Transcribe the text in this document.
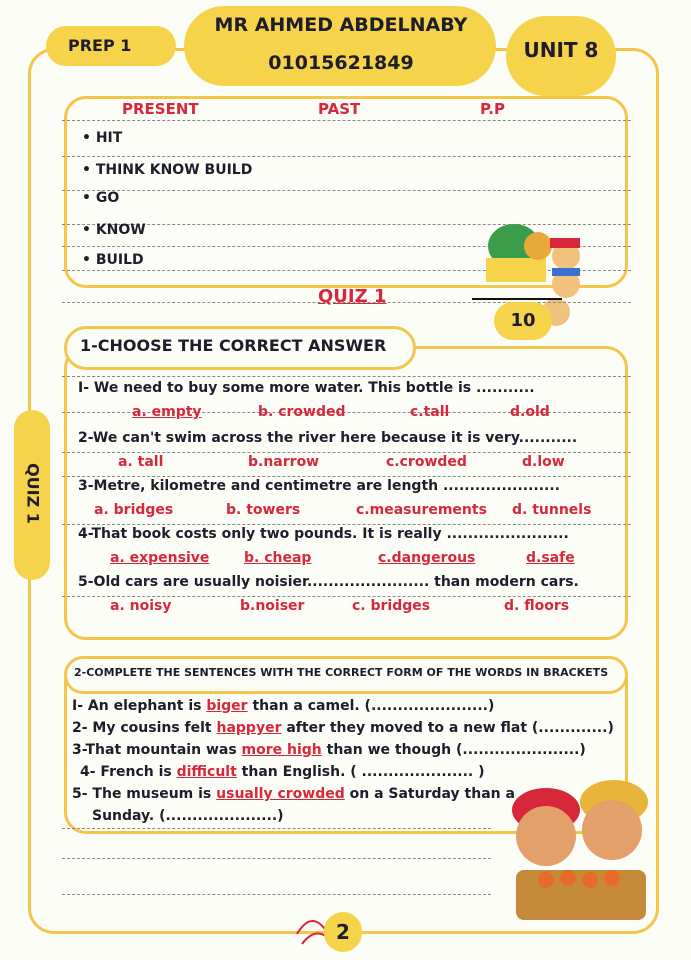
PREP 1
MR AHMED ABDELNABY
01015621849
UNIT 8
PRESENT	PAST	P.P
• HIT
• THINK KNOW BUILD
• GO
• KNOW
• BUILD
QUIZ 1
10
QUIZ 1
1-CHOOSE THE CORRECT ANSWER
I- We need to buy some more water. This bottle is ...........
a. empty	b. crowded	c.tall	d.old
2-We can't swim across the river here because it is very...........
a. tall	b.narrow	c.crowded	d.low
3-Metre, kilometre and centimetre are length ......................
a. bridges	b. towers	c.measurements d. tunnels
4-That book costs only two pounds. It is really .......................
a. expensive b. cheap	c.dangerous	d.safe
5-Old cars are usually noisier....................... than modern cars.
a. noisy	b.noiser	c. bridges	d. floors
2-COMPLETE THE SENTENCES WITH THE CORRECT FORM OF THE WORDS IN BRACKETS
I- An elephant is biger than a camel. (......................)
2- My cousins felt happyer after they moved to a new flat (.............)
3-That mountain was more high than we though (......................)
4- French is difficult than English. ( ..................... )
5- The museum is usually crowded on a Saturday than a
Sunday. (.....................)
2
